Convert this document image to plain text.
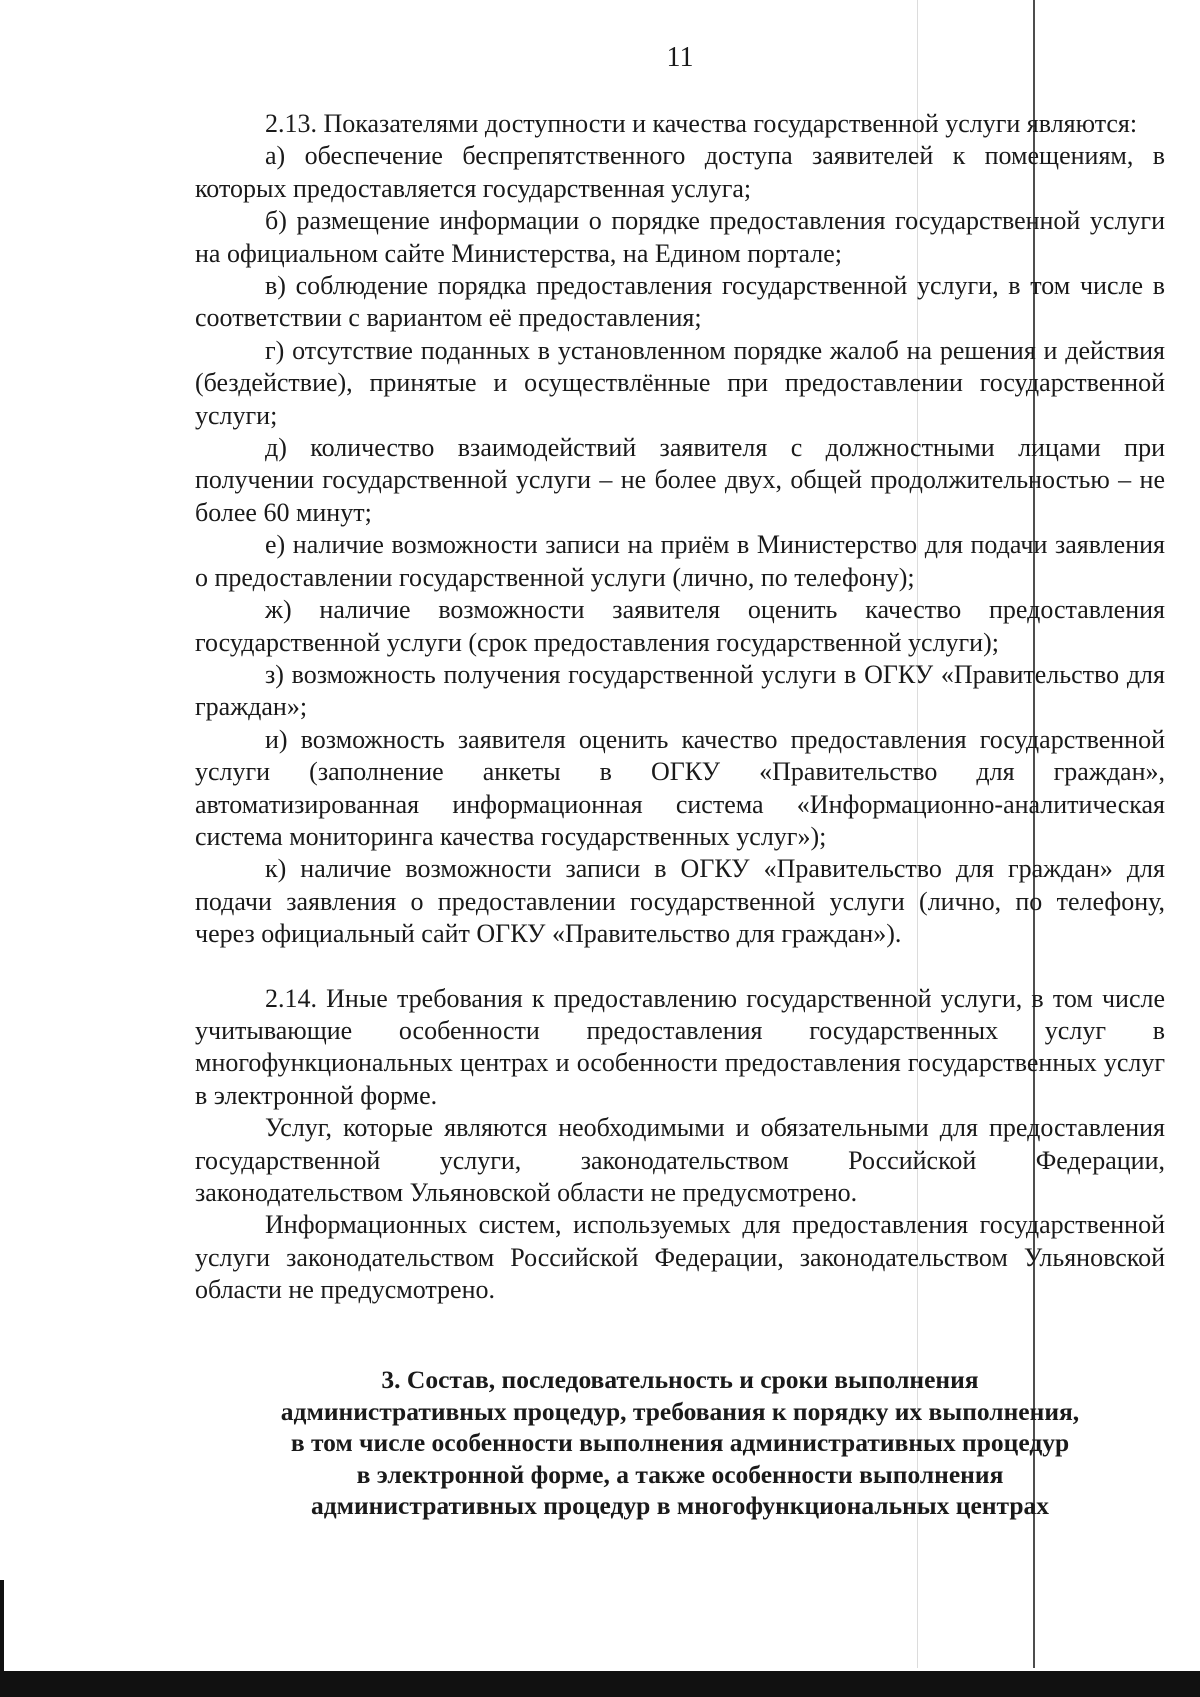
11

2.13. Показателями доступности и качества государственной услуги являются:

а) обеспечение беспрепятственного доступа заявителей к помещениям, в которых предоставляется государственная услуга;

б) размещение информации о порядке предоставления государственной услуги на официальном сайте Министерства, на Едином портале;

в) соблюдение порядка предоставления государственной услуги, в том числе в соответствии с вариантом её предоставления;

г) отсутствие поданных в установленном порядке жалоб на решения и действия (бездействие), принятые и осуществлённые при предоставлении государственной услуги;

д) количество взаимодействий заявителя с должностными лицами при получении государственной услуги – не более двух, общей продолжительностью – не более 60 минут;

е) наличие возможности записи на приём в Министерство для подачи заявления о предоставлении государственной услуги (лично, по телефону);

ж) наличие возможности заявителя оценить качество предоставления государственной услуги (срок предоставления государственной услуги);

з) возможность получения государственной услуги в ОГКУ «Правительство для граждан»;

и) возможность заявителя оценить качество предоставления государственной услуги (заполнение анкеты в ОГКУ «Правительство для граждан», автоматизированная информационная система «Информационно-аналитическая система мониторинга качества государственных услуг»);

к) наличие возможности записи в ОГКУ «Правительство для граждан» для подачи заявления о предоставлении государственной услуги (лично, по телефону, через официальный сайт ОГКУ «Правительство для граждан»).

2.14. Иные требования к предоставлению государственной услуги, в том числе учитывающие особенности предоставления государственных услуг в многофункциональных центрах и особенности предоставления государственных услуг в электронной форме.

Услуг, которые являются необходимыми и обязательными для предоставления государственной услуги, законодательством Российской Федерации, законодательством Ульяновской области не предусмотрено.

Информационных систем, используемых для предоставления государственной услуги законодательством Российской Федерации, законодательством Ульяновской области не предусмотрено.

3. Состав, последовательность и сроки выполнения
административных процедур, требования к порядку их выполнения,
в том числе особенности выполнения административных процедур
в электронной форме, а также особенности выполнения
административных процедур в многофункциональных центрах
